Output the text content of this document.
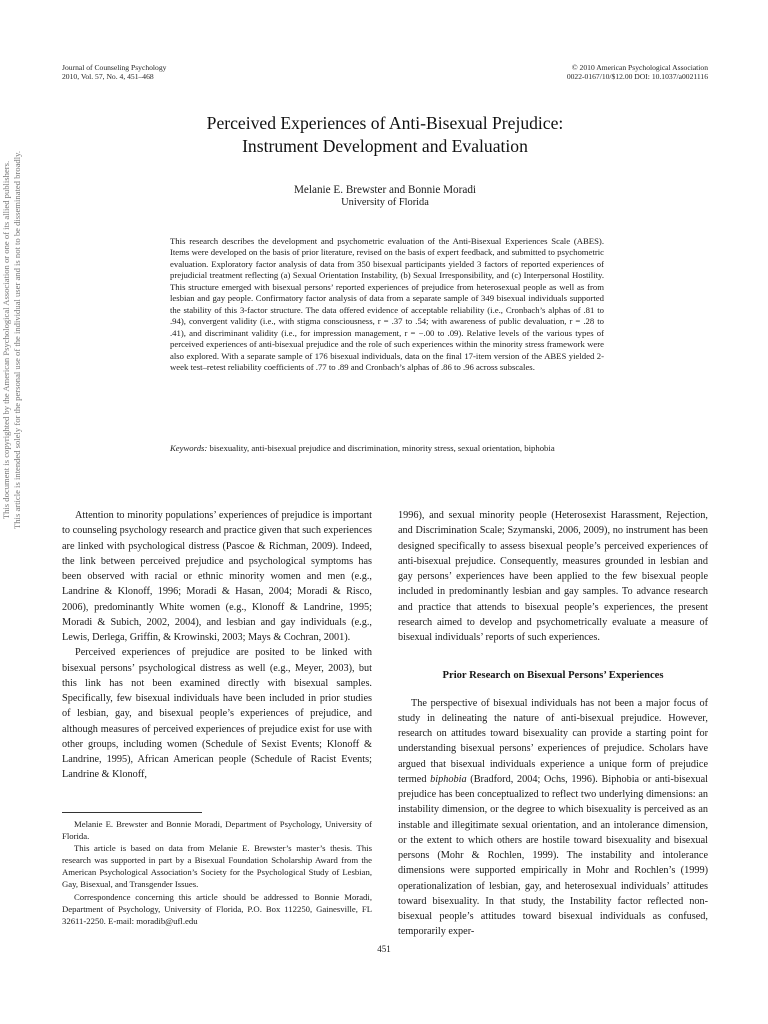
This document is copyrighted by the American Psychological Association or one of its allied publishers. This article is intended solely for the personal use of the individual user and is not to be disseminated broadly.
Journal of Counseling Psychology
2010, Vol. 57, No. 4, 451–468
© 2010 American Psychological Association
0022-0167/10/$12.00 DOI: 10.1037/a0021116
Perceived Experiences of Anti-Bisexual Prejudice:
Instrument Development and Evaluation
Melanie E. Brewster and Bonnie Moradi
University of Florida

This research describes the development and psychometric evaluation of the Anti-Bisexual Experiences Scale (ABES). Items were developed on the basis of prior literature, revised on the basis of expert feedback, and submitted to psychometric evaluation. Exploratory factor analysis of data from 350 bisexual participants yielded 3 factors of reported experiences of prejudicial treatment reflecting (a) Sexual Orientation Instability, (b) Sexual Irresponsibility, and (c) Interpersonal Hostility. This structure emerged with bisexual persons’ reported experiences of prejudice from heterosexual people as well as from lesbian and gay people. Confirmatory factor analysis of data from a separate sample of 349 bisexual individuals supported the stability of this 3-factor structure. The data offered evidence of acceptable reliability (i.e., Cronbach’s alphas of .81 to .94), convergent validity (i.e., with stigma consciousness, r = .37 to .54; with awareness of public devaluation, r = .28 to .41), and discriminant validity (i.e., for impression management, r = −.00 to .09). Relative levels of the various types of perceived experiences of anti-bisexual prejudice and the role of such experiences within the minority stress framework were also explored. With a separate sample of 176 bisexual individuals, data on the final 17-item version of the ABES yielded 2-week test–retest reliability coefficients of .77 to .89 and Cronbach’s alphas of .86 to .96 across subscales.

Keywords: bisexuality, anti-bisexual prejudice and discrimination, minority stress, sexual orientation, biphobia

Attention to minority populations’ experiences of prejudice is important to counseling psychology research and practice given that such experiences are linked with psychological distress (Pascoe & Richman, 2009). Indeed, the link between perceived prejudice and psychological symptoms has been observed with racial or ethnic minority women and men (e.g., Landrine & Klonoff, 1996; Moradi & Hasan, 2004; Moradi & Risco, 2006), predominantly White women (e.g., Klonoff & Landrine, 1995; Moradi & Subich, 2002, 2004), and lesbian and gay individuals (e.g., Lewis, Derlega, Griffin, & Krowinski, 2003; Mays & Cochran, 2001).

Perceived experiences of prejudice are posited to be linked with bisexual persons’ psychological distress as well (e.g., Meyer, 2003), but this link has not been examined directly with bisexual samples. Specifically, few bisexual individuals have been included in prior studies of lesbian, gay, and bisexual people’s experiences of prejudice, and although measures of perceived experiences of prejudice exist for use with other groups, including women (Schedule of Sexist Events; Klonoff & Landrine, 1995), African American people (Schedule of Racist Events; Landrine & Klonoff,

1996), and sexual minority people (Heterosexist Harassment, Rejection, and Discrimination Scale; Szymanski, 2006, 2009), no instrument has been designed specifically to assess bisexual people’s perceived experiences of anti-bisexual prejudice. Consequently, measures grounded in lesbian and gay persons’ experiences have been applied to the few bisexual people included in predominantly lesbian and gay samples. To advance research and practice that attends to bisexual people’s experiences, the present research aimed to develop and psychometrically evaluate a measure of bisexual individuals’ reports of such experiences.

Prior Research on Bisexual Persons’ Experiences

The perspective of bisexual individuals has not been a major focus of study in delineating the nature of anti-bisexual prejudice. However, research on attitudes toward bisexuality can provide a starting point for understanding bisexual persons’ experiences of prejudice. Scholars have argued that bisexual individuals experience a unique form of prejudice termed biphobia (Bradford, 2004; Ochs, 1996). Biphobia or anti-bisexual prejudice has been conceptualized to reflect two underlying dimensions: an instability dimension, or the degree to which bisexuality is perceived as an instable and illegitimate sexual orientation, and an intolerance dimension, or the extent to which others are hostile toward bisexuality and bisexual persons (Mohr & Rochlen, 1999). The instability and intolerance dimensions were supported empirically in Mohr and Rochlen’s (1999) operationalization of lesbian, gay, and heterosexual individuals’ attitudes toward bisexuality. In that study, the Instability factor reflected non-bisexual people’s attitudes toward bisexual individuals as confused, temporarily exper-

Melanie E. Brewster and Bonnie Moradi, Department of Psychology, University of Florida.

This article is based on data from Melanie E. Brewster’s master’s thesis. This research was supported in part by a Bisexual Foundation Scholarship Award from the American Psychological Association’s Society for the Psychological Study of Lesbian, Gay, Bisexual, and Transgender Issues.

Correspondence concerning this article should be addressed to Bonnie Moradi, Department of Psychology, University of Florida, P.O. Box 112250, Gainesville, FL 32611-2250. E-mail: moradib@ufl.edu

451
